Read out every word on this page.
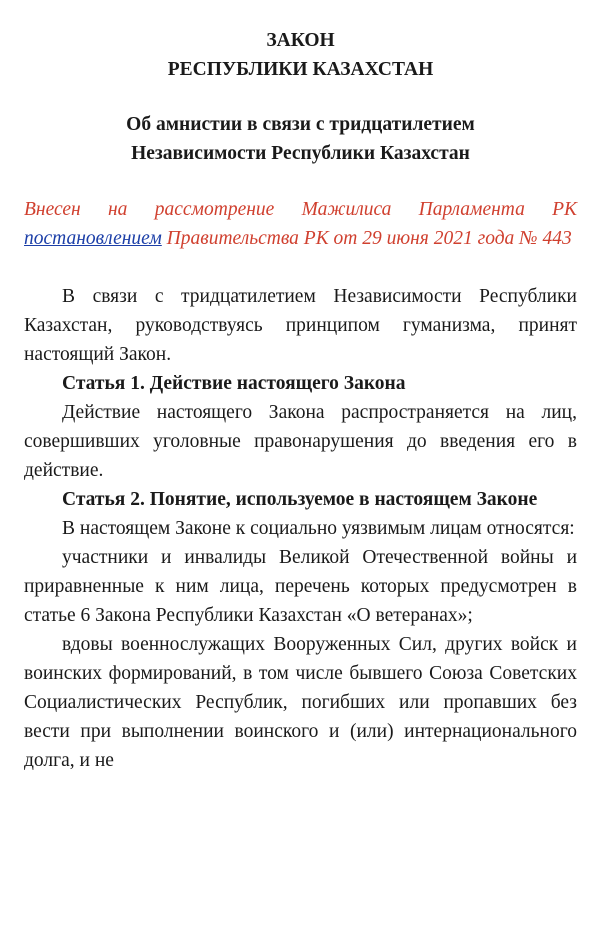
ЗАКОН

РЕСПУБЛИКИ КАЗАХСТАН

Об амнистии в связи с тридцатилетием
Независимости Республики Казахстан

Внесен на рассмотрение Мажилиса Парламента РК постановлением Правительства РК от 29 июня 2021 года № 443

В связи с тридцатилетием Независимости Республики Казахстан, руководствуясь принципом гуманизма, принят настоящий Закон.

Статья 1. Действие настоящего Закона

Действие настоящего Закона распространяется на лиц, совершивших уголовные правонарушения до введения его в действие.

Статья 2. Понятие, используемое в настоящем Законе

В настоящем Законе к социально уязвимым лицам относятся:

участники и инвалиды Великой Отечественной войны и приравненные к ним лица, перечень которых предусмотрен в статье 6 Закона Республики Казахстан «О ветеранах»;

вдовы военнослужащих Вооруженных Сил, других войск и воинских формирований, в том числе бывшего Союза Советских Социалистических Республик, погибших или пропавших без вести при выполнении воинского и (или) интернационального долга, и не
